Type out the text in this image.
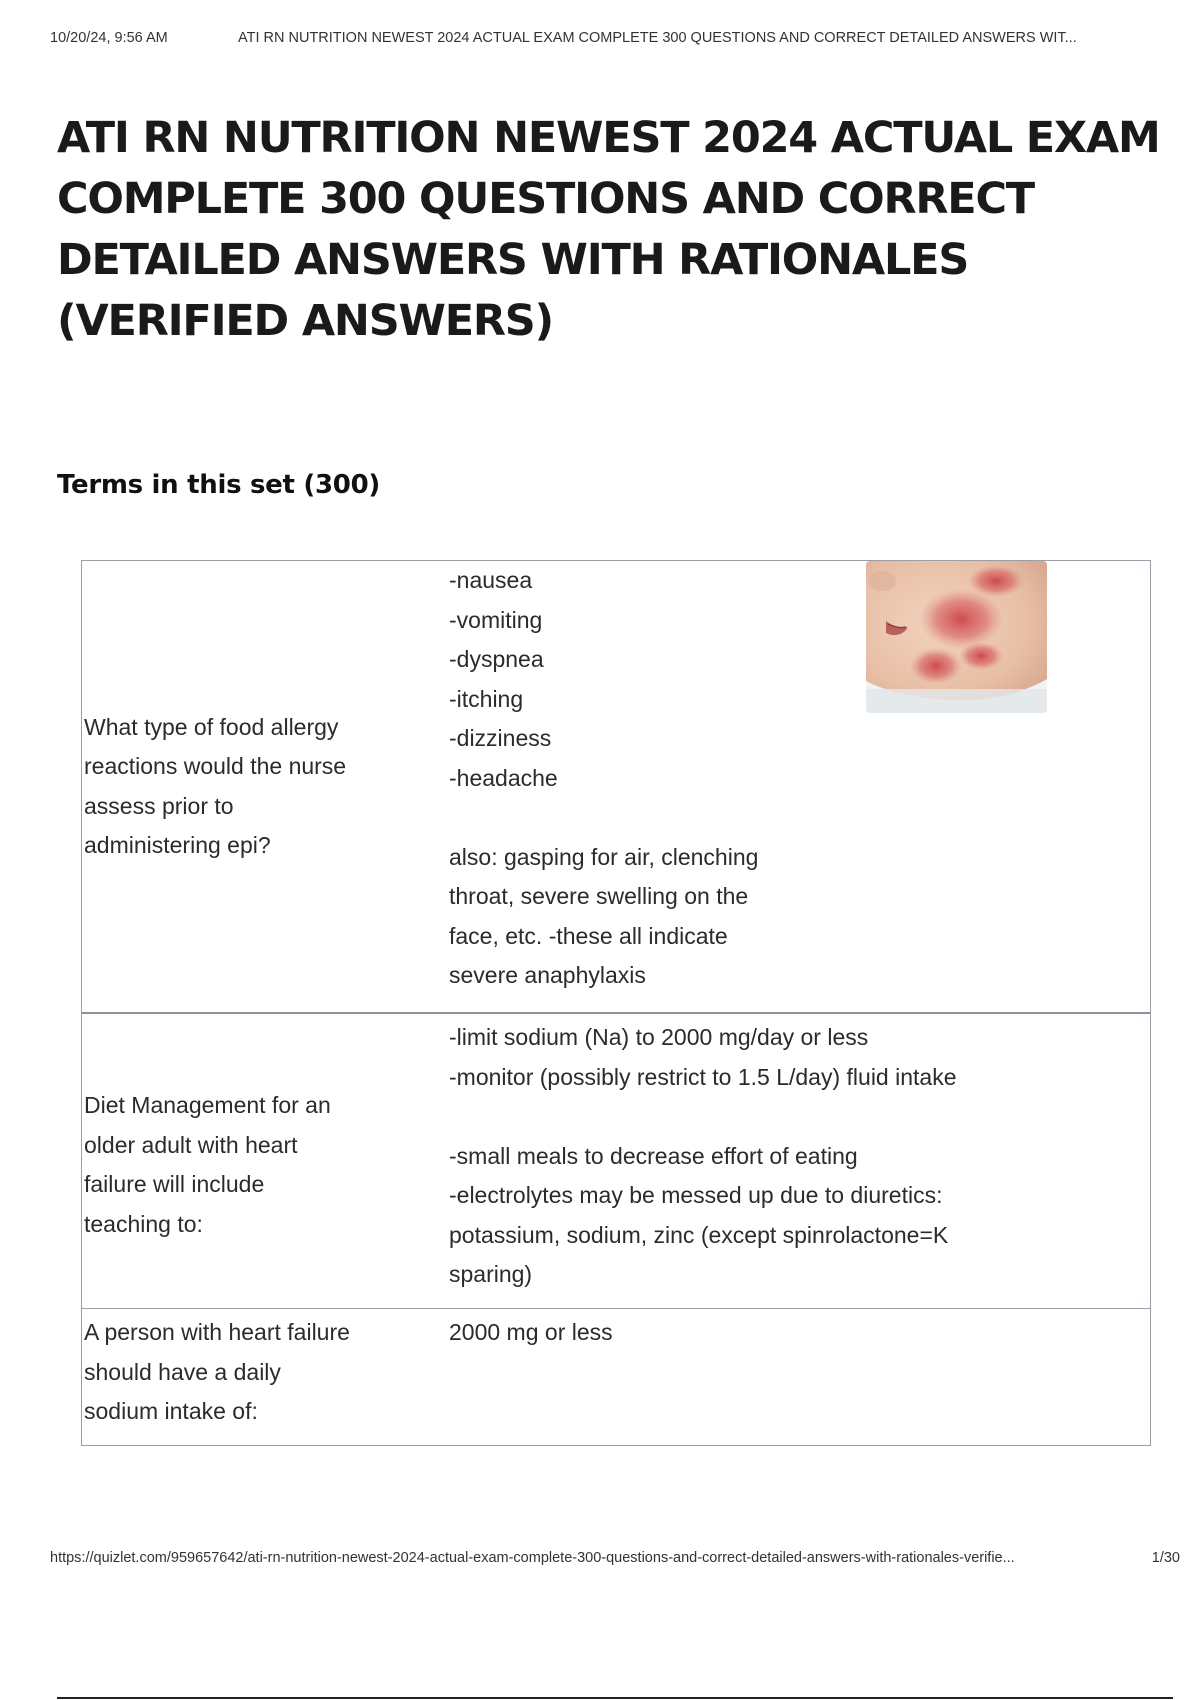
10/20/24, 9:56 AM	ATI RN NUTRITION NEWEST 2024 ACTUAL EXAM COMPLETE 300 QUESTIONS AND CORRECT DETAILED ANSWERS WIT...
ATI RN NUTRITION NEWEST 2024 ACTUAL EXAM COMPLETE 300 QUESTIONS AND CORRECT DETAILED ANSWERS WITH RATIONALES (VERIFIED ANSWERS)
Terms in this set (300)
What type of food allergy
reactions would the nurse
assess prior to
administering epi?
-nausea
-vomiting
-dyspnea
-itching
-dizziness
-headache
also: gasping for air, clenching
throat, severe swelling on the
face, etc. -these all indicate
severe anaphylaxis
Diet Management for an
older adult with heart
failure will include
teaching to:
-limit sodium (Na) to 2000 mg/day or less
-monitor (possibly restrict to 1.5 L/day) fluid intake
-small meals to decrease effort of eating
-electrolytes may be messed up due to diuretics:
potassium, sodium, zinc (except spinrolactone=K
sparing)
A person with heart failure
should have a daily
sodium intake of:
2000 mg or less
https://quizlet.com/959657642/ati-rn-nutrition-newest-2024-actual-exam-complete-300-questions-and-correct-detailed-answers-with-rationales-verifie...	1/30
